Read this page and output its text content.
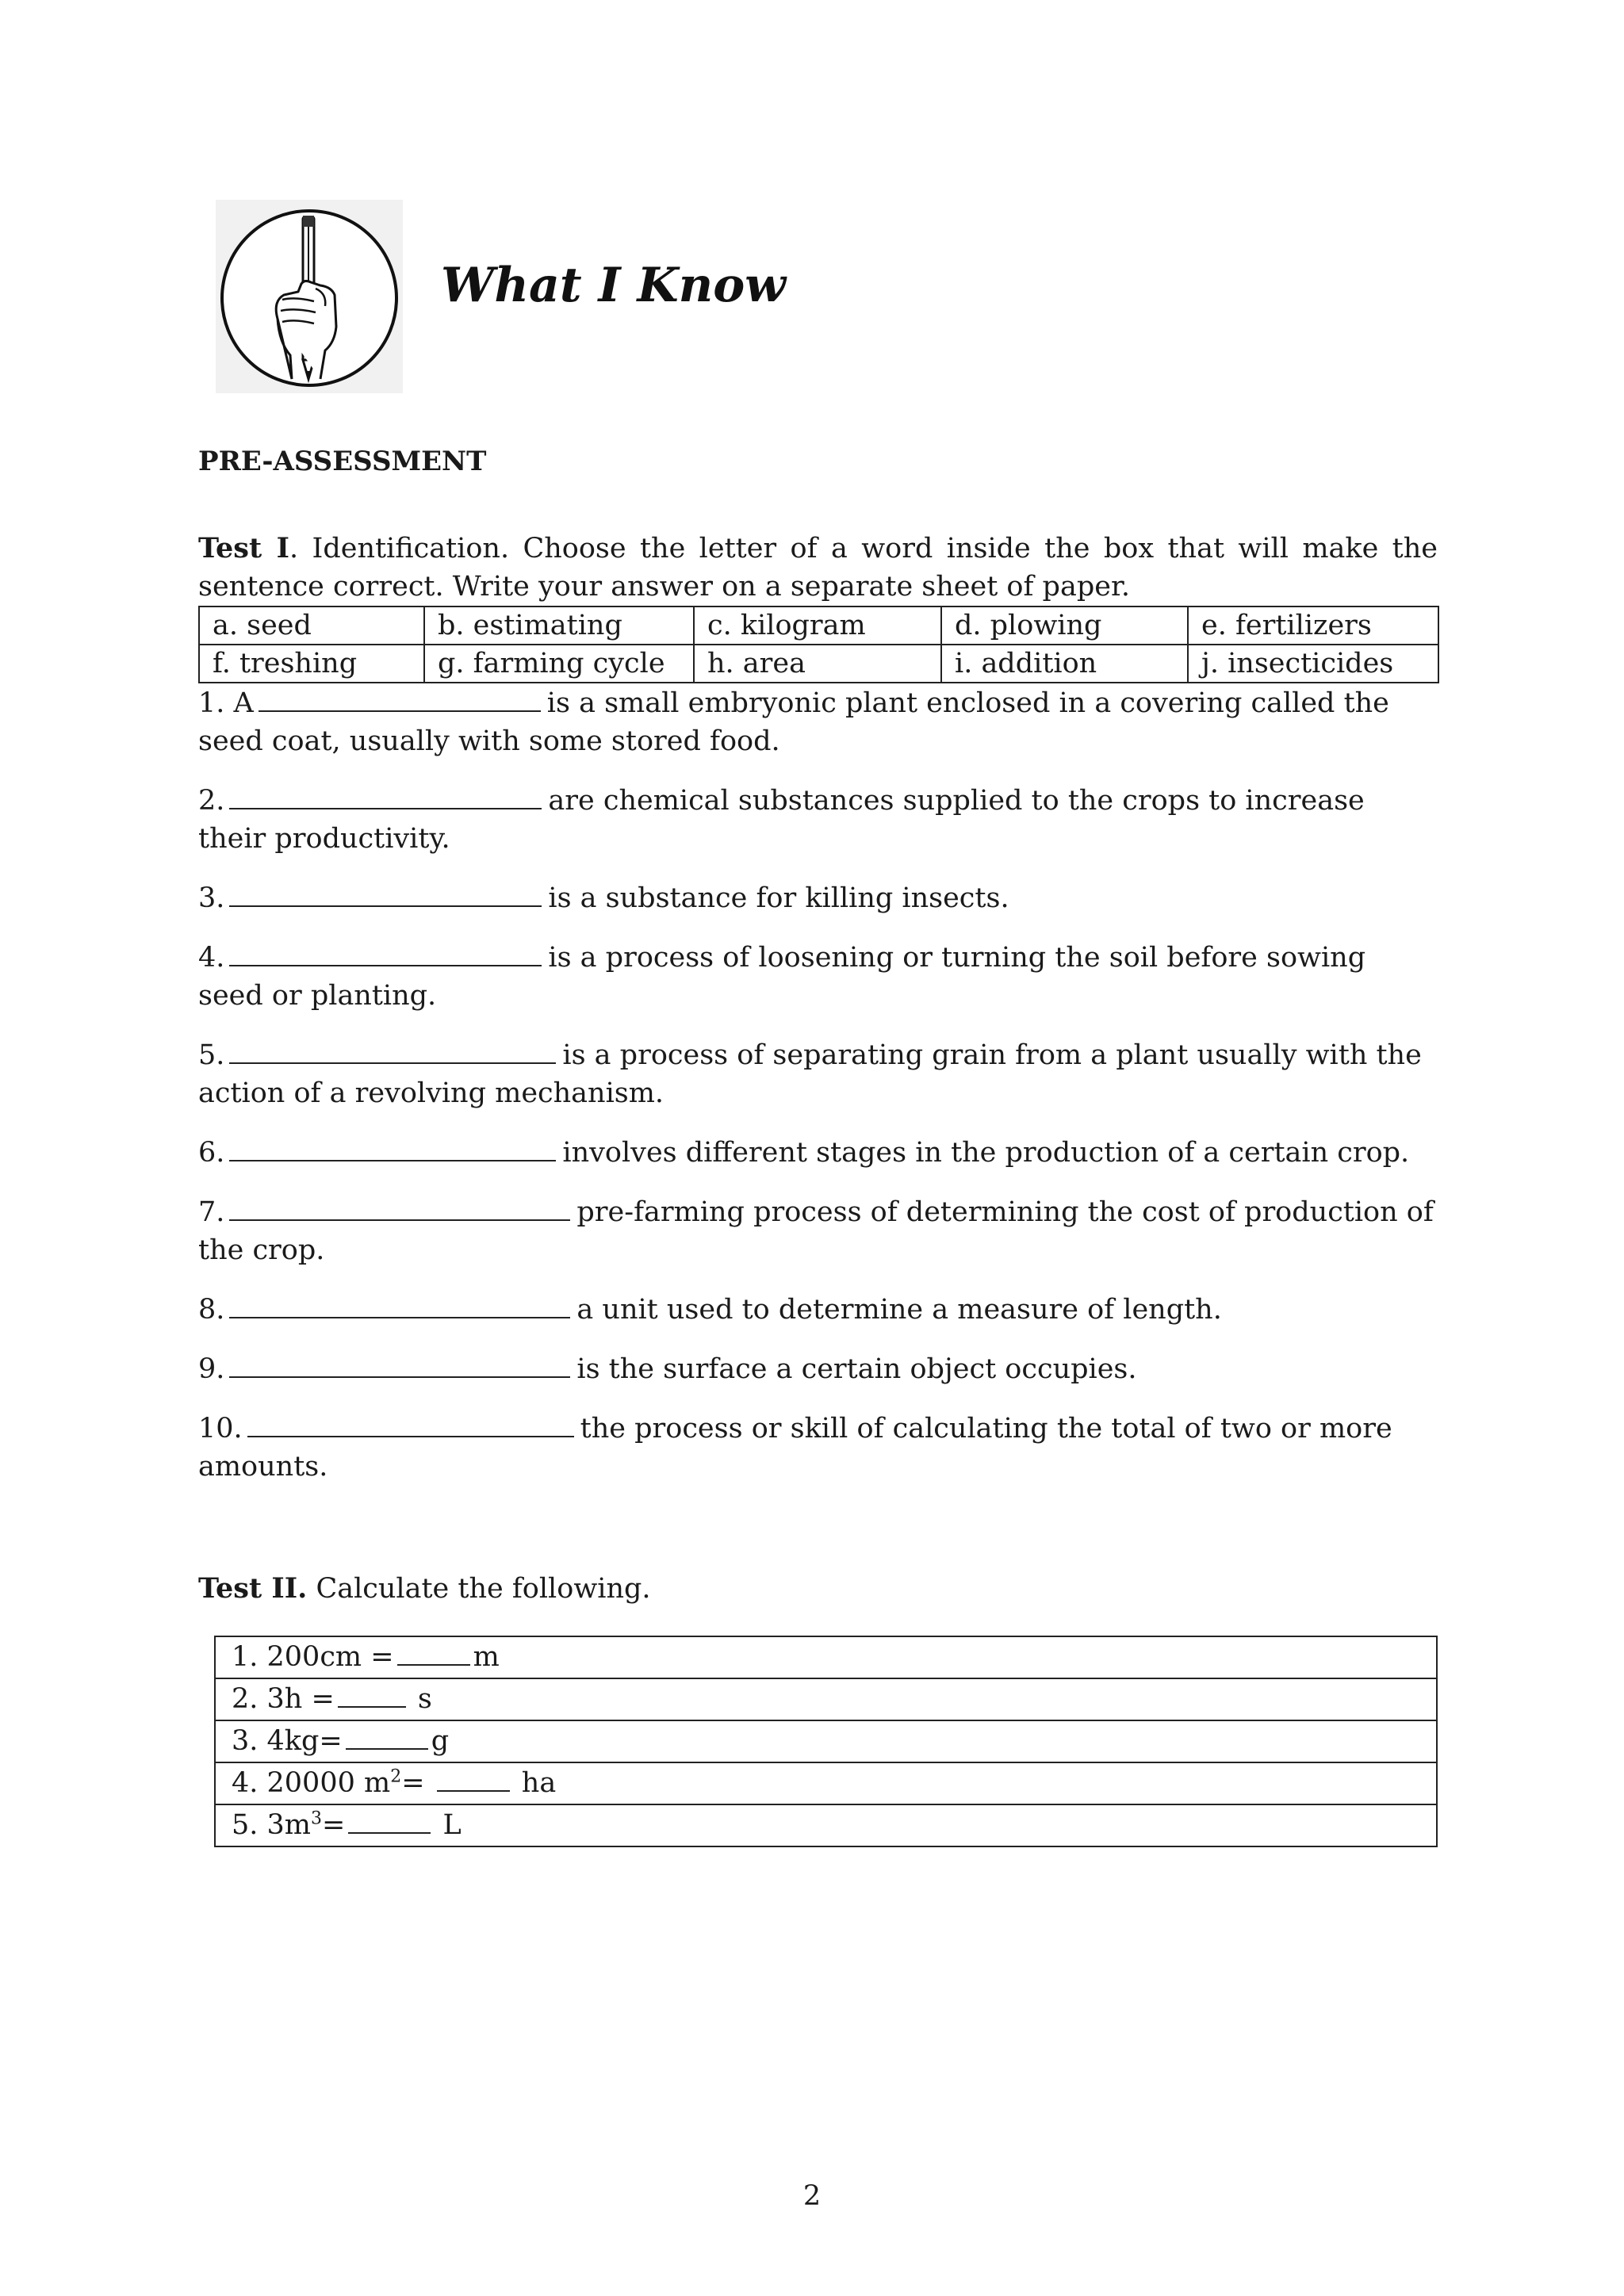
What I Know

PRE-ASSESSMENT

Test I. Identification. Choose the letter of a word inside the box that will make the sentence correct. Write your answer on a separate sheet of paper.

a. seed	b. estimating	c. kilogram	d. plowing	e. fertilizers
f. treshing	g. farming cycle	h. area	i. addition	j. insecticides

1. A	is a small embryonic plant enclosed in a covering called the seed coat, usually with some stored food.

2.	are chemical substances supplied to the crops to increase their productivity.

3.	is a substance for killing insects.

4.	is a process of loosening or turning the soil before sowing seed or planting.

5.	is a process of separating grain from a plant usually with the action of a revolving mechanism.

6.	involves different stages in the production of a certain crop.

7.	pre-farming process of determining the cost of production of the crop.

8.	a unit used to determine a measure of length.

9.	is the surface a certain object occupies.

10.	the process or skill of calculating the total of two or more amounts.

Test II. Calculate the following.

1. 200cm =	m
2. 3h =	s
3. 4kg=	g
4. 20000 $m^2=$	ha
5. $3m^3=$	L
2
